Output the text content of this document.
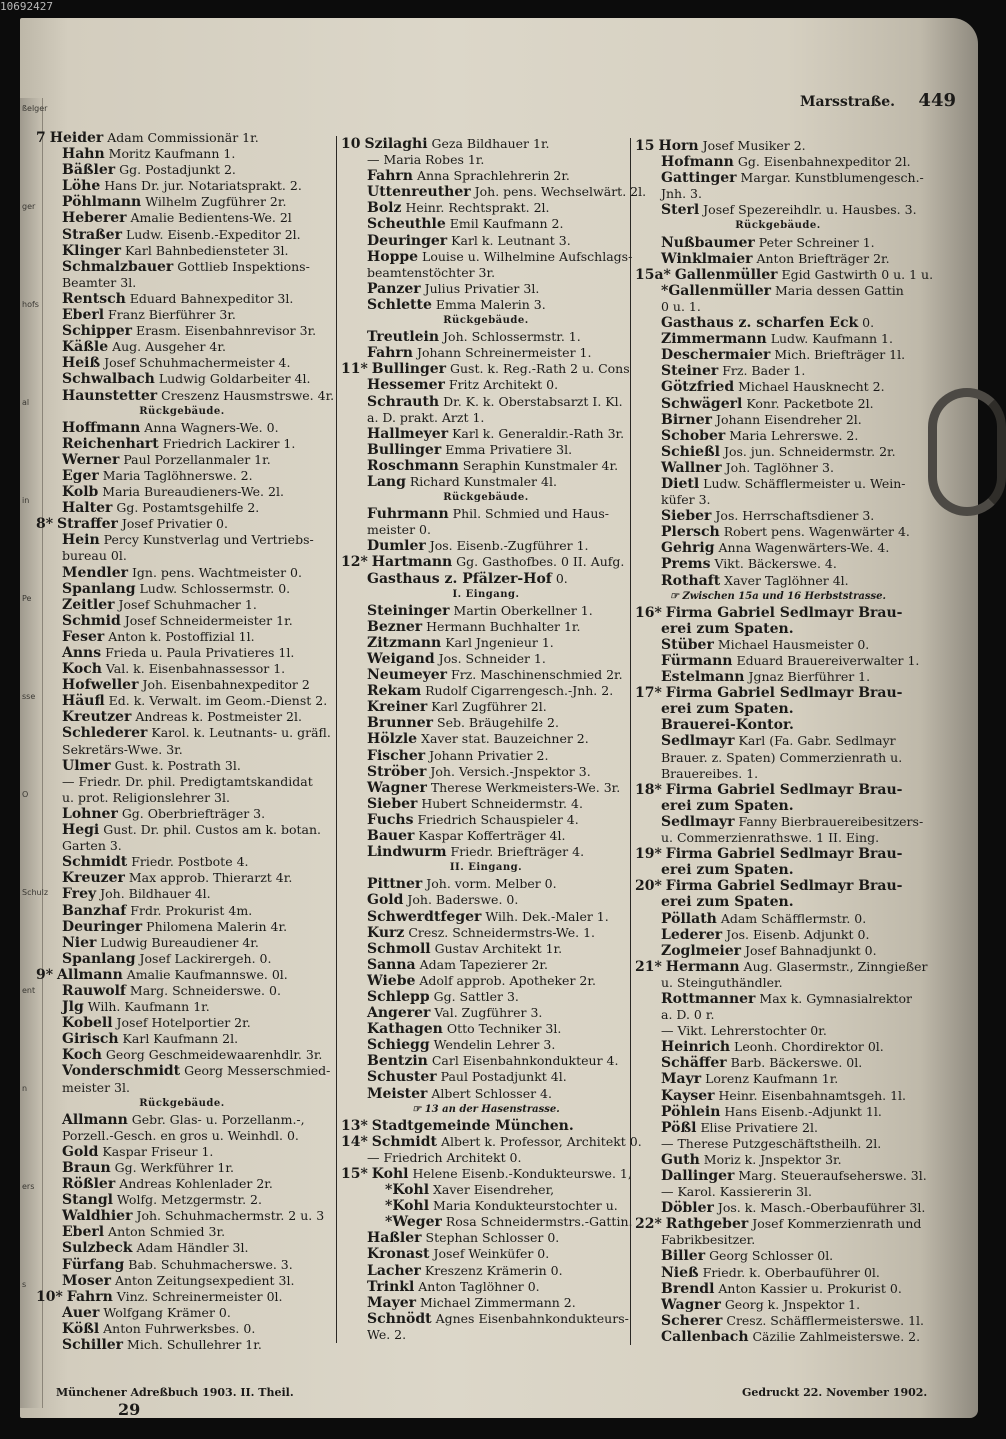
10692427
ßelger
ger
hofs
al
in
Pe
sse
O
Schulz
ent
n
ers
s
Marsstraße. 449
7 Heider Adam Commissionär 1r.
Hahn Moritz Kaufmann 1.
Bäßler Gg. Postadjunkt 2.
Löhe Hans Dr. jur. Notariatsprakt. 2.
Pöhlmann Wilhelm Zugführer 2r.
Heberer Amalie Bedientens-We. 2l
Straßer Ludw. Eisenb.-Expeditor 2l.
Klinger Karl Bahnbediensteter 3l.
Schmalzbauer Gottlieb Inspektions-
Beamter 3l.
Rentsch Eduard Bahnexpeditor 3l.
Eberl Franz Bierführer 3r.
Schipper Erasm. Eisenbahnrevisor 3r.
Käßle Aug. Ausgeher 4r.
Heiß Josef Schuhmachermeister 4.
Schwalbach Ludwig Goldarbeiter 4l.
Haunstetter Creszenz Hausmstrswe. 4r.
Rückgebäude.
Hoffmann Anna Wagners-We. 0.
Reichenhart Friedrich Lackirer 1.
Werner Paul Porzellanmaler 1r.
Eger Maria Taglöhnerswe. 2.
Kolb Maria Bureaudieners-We. 2l.
Halter Gg. Postamtsgehilfe 2.
8* Straffer Josef Privatier 0.
Hein Percy Kunstverlag und Vertriebs-
bureau 0l.
Mendler Ign. pens. Wachtmeister 0.
Spanlang Ludw. Schlossermstr. 0.
Zeitler Josef Schuhmacher 1.
Schmid Josef Schneidermeister 1r.
Feser Anton k. Postoffizial 1l.
Anns Frieda u. Paula Privatieres 1l.
Koch Val. k. Eisenbahnassessor 1.
Hofweller Joh. Eisenbahnexpeditor 2
Häufl Ed. k. Verwalt. im Geom.-Dienst 2.
Kreutzer Andreas k. Postmeister 2l.
Schlederer Karol. k. Leutnants- u. gräfl.
Sekretärs-Wwe. 3r.
Ulmer Gust. k. Postrath 3l.
— Friedr. Dr. phil. Predigtamtskandidat
u. prot. Religionslehrer 3l.
Lohner Gg. Oberbriefträger 3.
Hegi Gust. Dr. phil. Custos am k. botan.
Garten 3.
Schmidt Friedr. Postbote 4.
Kreuzer Max approb. Thierarzt 4r.
Frey Joh. Bildhauer 4l.
Banzhaf Frdr. Prokurist 4m.
Deuringer Philomena Malerin 4r.
Nier Ludwig Bureaudiener 4r.
Spanlang Josef Lackirergeh. 0.
9* Allmann Amalie Kaufmannswe. 0l.
Rauwolf Marg. Schneiderswe. 0.
Jlg Wilh. Kaufmann 1r.
Kobell Josef Hotelportier 2r.
Girisch Karl Kaufmann 2l.
Koch Georg Geschmeidewaarenhdlr. 3r.
Vonderschmidt Georg Messerschmied-
meister 3l.
Rückgebäude.
Allmann Gebr. Glas- u. Porzellanm.-,
Porzell.-Gesch. en gros u. Weinhdl. 0.
Gold Kaspar Friseur 1.
Braun Gg. Werkführer 1r.
Rößler Andreas Kohlenlader 2r.
Stangl Wolfg. Metzgermstr. 2.
Waldhier Joh. Schuhmachermstr. 2 u. 3
Eberl Anton Schmied 3r.
Sulzbeck Adam Händler 3l.
Fürfang Bab. Schuhmacherswe. 3.
Moser Anton Zeitungsexpedient 3l.
10* Fahrn Vinz. Schreinermeister 0l.
Auer Wolfgang Krämer 0.
Kößl Anton Fuhrwerksbes. 0.
Schiller Mich. Schullehrer 1r.
10 Szilaghi Geza Bildhauer 1r.
— Maria Robes 1r.
Fahrn Anna Sprachlehrerin 2r.
Uttenreuther Joh. pens. Wechselwärt. 2l.
Bolz Heinr. Rechtsprakt. 2l.
Scheuthle Emil Kaufmann 2.
Deuringer Karl k. Leutnant 3.
Hoppe Louise u. Wilhelmine Aufschlags-
beamtenstöchter 3r.
Panzer Julius Privatier 3l.
Schlette Emma Malerin 3.
Rückgebäude.
Treutlein Joh. Schlossermstr. 1.
Fahrn Johann Schreinermeister 1.
11* Bullinger Gust. k. Reg.-Rath 2 u. Cons
Hessemer Fritz Architekt 0.
Schrauth Dr. K. k. Oberstabsarzt I. Kl.
a. D. prakt. Arzt 1.
Hallmeyer Karl k. Generaldir.-Rath 3r.
Bullinger Emma Privatiere 3l.
Roschmann Seraphin Kunstmaler 4r.
Lang Richard Kunstmaler 4l.
Rückgebäude.
Fuhrmann Phil. Schmied und Haus-
meister 0.
Dumler Jos. Eisenb.-Zugführer 1.
12* Hartmann Gg. Gasthofbes. 0 II. Aufg.
Gasthaus z. Pfälzer-Hof 0.
I. Eingang.
Steininger Martin Oberkellner 1.
Bezner Hermann Buchhalter 1r.
Zitzmann Karl Jngenieur 1.
Weigand Jos. Schneider 1.
Neumeyer Frz. Maschinenschmied 2r.
Rekam Rudolf Cigarrengesch.-Jnh. 2.
Kreiner Karl Zugführer 2l.
Brunner Seb. Bräugehilfe 2.
Hölzle Xaver stat. Bauzeichner 2.
Fischer Johann Privatier 2.
Ströber Joh. Versich.-Jnspektor 3.
Wagner Therese Werkmeisters-We. 3r.
Sieber Hubert Schneidermstr. 4.
Fuchs Friedrich Schauspieler 4.
Bauer Kaspar Kofferträger 4l.
Lindwurm Friedr. Briefträger 4.
II. Eingang.
Pittner Joh. vorm. Melber 0.
Gold Joh. Baderswe. 0.
Schwerdtfeger Wilh. Dek.-Maler 1.
Kurz Cresz. Schneidermstrs-We. 1.
Schmoll Gustav Architekt 1r.
Sanna Adam Tapezierer 2r.
Wiebe Adolf approb. Apotheker 2r.
Schlepp Gg. Sattler 3.
Angerer Val. Zugführer 3.
Kathagen Otto Techniker 3l.
Schiegg Wendelin Lehrer 3.
Bentzin Carl Eisenbahnkondukteur 4.
Schuster Paul Postadjunkt 4l.
Meister Albert Schlosser 4.
☞ 13 an der Hasenstrasse.
13* Stadtgemeinde München.
14* Schmidt Albert k. Professor, Architekt 0.
— Friedrich Architekt 0.
15* Kohl Helene Eisenb.-Kondukteurswe. 1,
*Kohl Xaver Eisendreher,
*Kohl Maria Kondukteurstochter u.
*Weger Rosa Schneidermstrs.-Gattin.
Haßler Stephan Schlosser 0.
Kronast Josef Weinküfer 0.
Lacher Kreszenz Krämerin 0.
Trinkl Anton Taglöhner 0.
Mayer Michael Zimmermann 2.
Schnödt Agnes Eisenbahnkondukteurs-
We. 2.
15 Horn Josef Musiker 2.
Hofmann Gg. Eisenbahnexpeditor 2l.
Gattinger Margar. Kunstblumengesch.-
Jnh. 3.
Sterl Josef Spezereihdlr. u. Hausbes. 3.
Rückgebäude.
Nußbaumer Peter Schreiner 1.
Winklmaier Anton Briefträger 2r.
15a* Gallenmüller Egid Gastwirth 0 u. 1 u.
*Gallenmüller Maria dessen Gattin
0 u. 1.
Gasthaus z. scharfen Eck 0.
Zimmermann Ludw. Kaufmann 1.
Deschermaier Mich. Briefträger 1l.
Steiner Frz. Bader 1.
Götzfried Michael Hausknecht 2.
Schwägerl Konr. Packetbote 2l.
Birner Johann Eisendreher 2l.
Schober Maria Lehrerswe. 2.
Schießl Jos. jun. Schneidermstr. 2r.
Wallner Joh. Taglöhner 3.
Dietl Ludw. Schäfflermeister u. Wein-
küfer 3.
Sieber Jos. Herrschaftsdiener 3.
Plersch Robert pens. Wagenwärter 4.
Gehrig Anna Wagenwärters-We. 4.
Prems Vikt. Bäckerswe. 4.
Rothaft Xaver Taglöhner 4l.
☞ Zwischen 15a und 16 Herbststrasse.
16* Firma Gabriel Sedlmayr Brau-
erei zum Spaten.
Stüber Michael Hausmeister 0.
Fürmann Eduard Brauereiverwalter 1.
Estelmann Jgnaz Bierführer 1.
17* Firma Gabriel Sedlmayr Brau-
erei zum Spaten.
Brauerei-Kontor.
Sedlmayr Karl (Fa. Gabr. Sedlmayr
Brauer. z. Spaten) Commerzienrath u.
Brauereibes. 1.
18* Firma Gabriel Sedlmayr Brau-
erei zum Spaten.
Sedlmayr Fanny Bierbrauereibesitzers-
u. Commerzienrathswe. 1 II. Eing.
19* Firma Gabriel Sedlmayr Brau-
erei zum Spaten.
20* Firma Gabriel Sedlmayr Brau-
erei zum Spaten.
Pöllath Adam Schäfflermstr. 0.
Lederer Jos. Eisenb. Adjunkt 0.
Zoglmeier Josef Bahnadjunkt 0.
21* Hermann Aug. Glasermstr., Zinngießer
u. Steinguthändler.
Rottmanner Max k. Gymnasialrektor
a. D. 0 r.
— Vikt. Lehrerstochter 0r.
Heinrich Leonh. Chordirektor 0l.
Schäffer Barb. Bäckerswe. 0l.
Mayr Lorenz Kaufmann 1r.
Kayser Heinr. Eisenbahnamtsgeh. 1l.
Pöhlein Hans Eisenb.-Adjunkt 1l.
Pößl Elise Privatiere 2l.
— Therese Putzgeschäftstheilh. 2l.
Guth Moriz k. Jnspektor 3r.
Dallinger Marg. Steueraufseherswe. 3l.
— Karol. Kassiererin 3l.
Döbler Jos. k. Masch.-Oberbauführer 3l.
22* Rathgeber Josef Kommerzienrath und
Fabrikbesitzer.
Biller Georg Schlosser 0l.
Nieß Friedr. k. Oberbauführer 0l.
Brendl Anton Kassier u. Prokurist 0.
Wagner Georg k. Jnspektor 1.
Scherer Cresz. Schäfflermeisterswe. 1l.
Callenbach Cäzilie Zahlmeisterswe. 2.
Münchener Adreßbuch 1903. II. Theil.
29
Gedruckt 22. November 1902.
